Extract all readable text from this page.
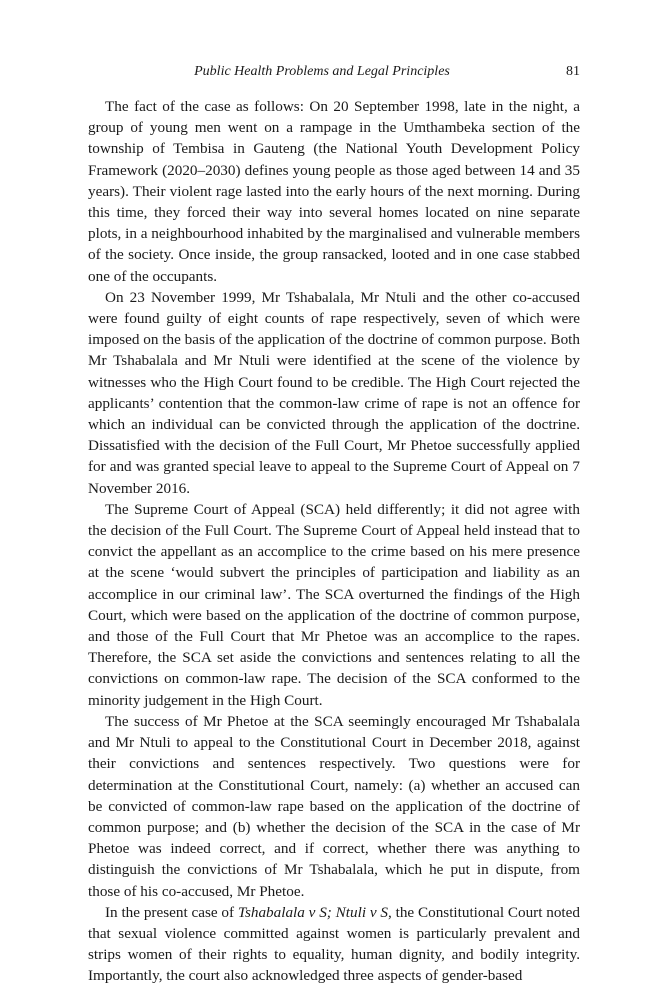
Public Health Problems and Legal Principles	81

The fact of the case as follows: On 20 September 1998, late in the night, a group of young men went on a rampage in the Umthambeka section of the township of Tembisa in Gauteng (the National Youth Development Policy Framework (2020–2030) defines young people as those aged between 14 and 35 years). Their violent rage lasted into the early hours of the next morning. During this time, they forced their way into several homes located on nine separate plots, in a neighbourhood inhabited by the marginalised and vulnerable members of the society. Once inside, the group ransacked, looted and in one case stabbed one of the occupants.

On 23 November 1999, Mr Tshabalala, Mr Ntuli and the other co-accused were found guilty of eight counts of rape respectively, seven of which were imposed on the basis of the application of the doctrine of common purpose. Both Mr Tshabalala and Mr Ntuli were identified at the scene of the violence by witnesses who the High Court found to be credible. The High Court rejected the applicants’ contention that the common-law crime of rape is not an offence for which an individual can be convicted through the application of the doctrine. Dissatisfied with the decision of the Full Court, Mr Phetoe successfully applied for and was granted special leave to appeal to the Supreme Court of Appeal on 7 November 2016.

The Supreme Court of Appeal (SCA) held differently; it did not agree with the decision of the Full Court. The Supreme Court of Appeal held instead that to convict the appellant as an accomplice to the crime based on his mere presence at the scene ‘would subvert the principles of participation and liability as an accomplice in our criminal law’. The SCA overturned the findings of the High Court, which were based on the application of the doctrine of common purpose, and those of the Full Court that Mr Phetoe was an accomplice to the rapes. Therefore, the SCA set aside the convictions and sentences relating to all the convictions on common-law rape. The decision of the SCA conformed to the minority judgement in the High Court.

The success of Mr Phetoe at the SCA seemingly encouraged Mr Tshabalala and Mr Ntuli to appeal to the Constitutional Court in December 2018, against their convictions and sentences respectively. Two questions were for determination at the Constitutional Court, namely: (a) whether an accused can be convicted of common-law rape based on the application of the doctrine of common purpose; and (b) whether the decision of the SCA in the case of Mr Phetoe was indeed correct, and if correct, whether there was anything to distinguish the convictions of Mr Tshabalala, which he put in dispute, from those of his co-accused, Mr Phetoe.

In the present case of Tshabalala v S; Ntuli v S, the Constitutional Court noted that sexual violence committed against women is particularly prevalent and strips women of their rights to equality, human dignity, and bodily integrity. Importantly, the court also acknowledged three aspects of gender-based
